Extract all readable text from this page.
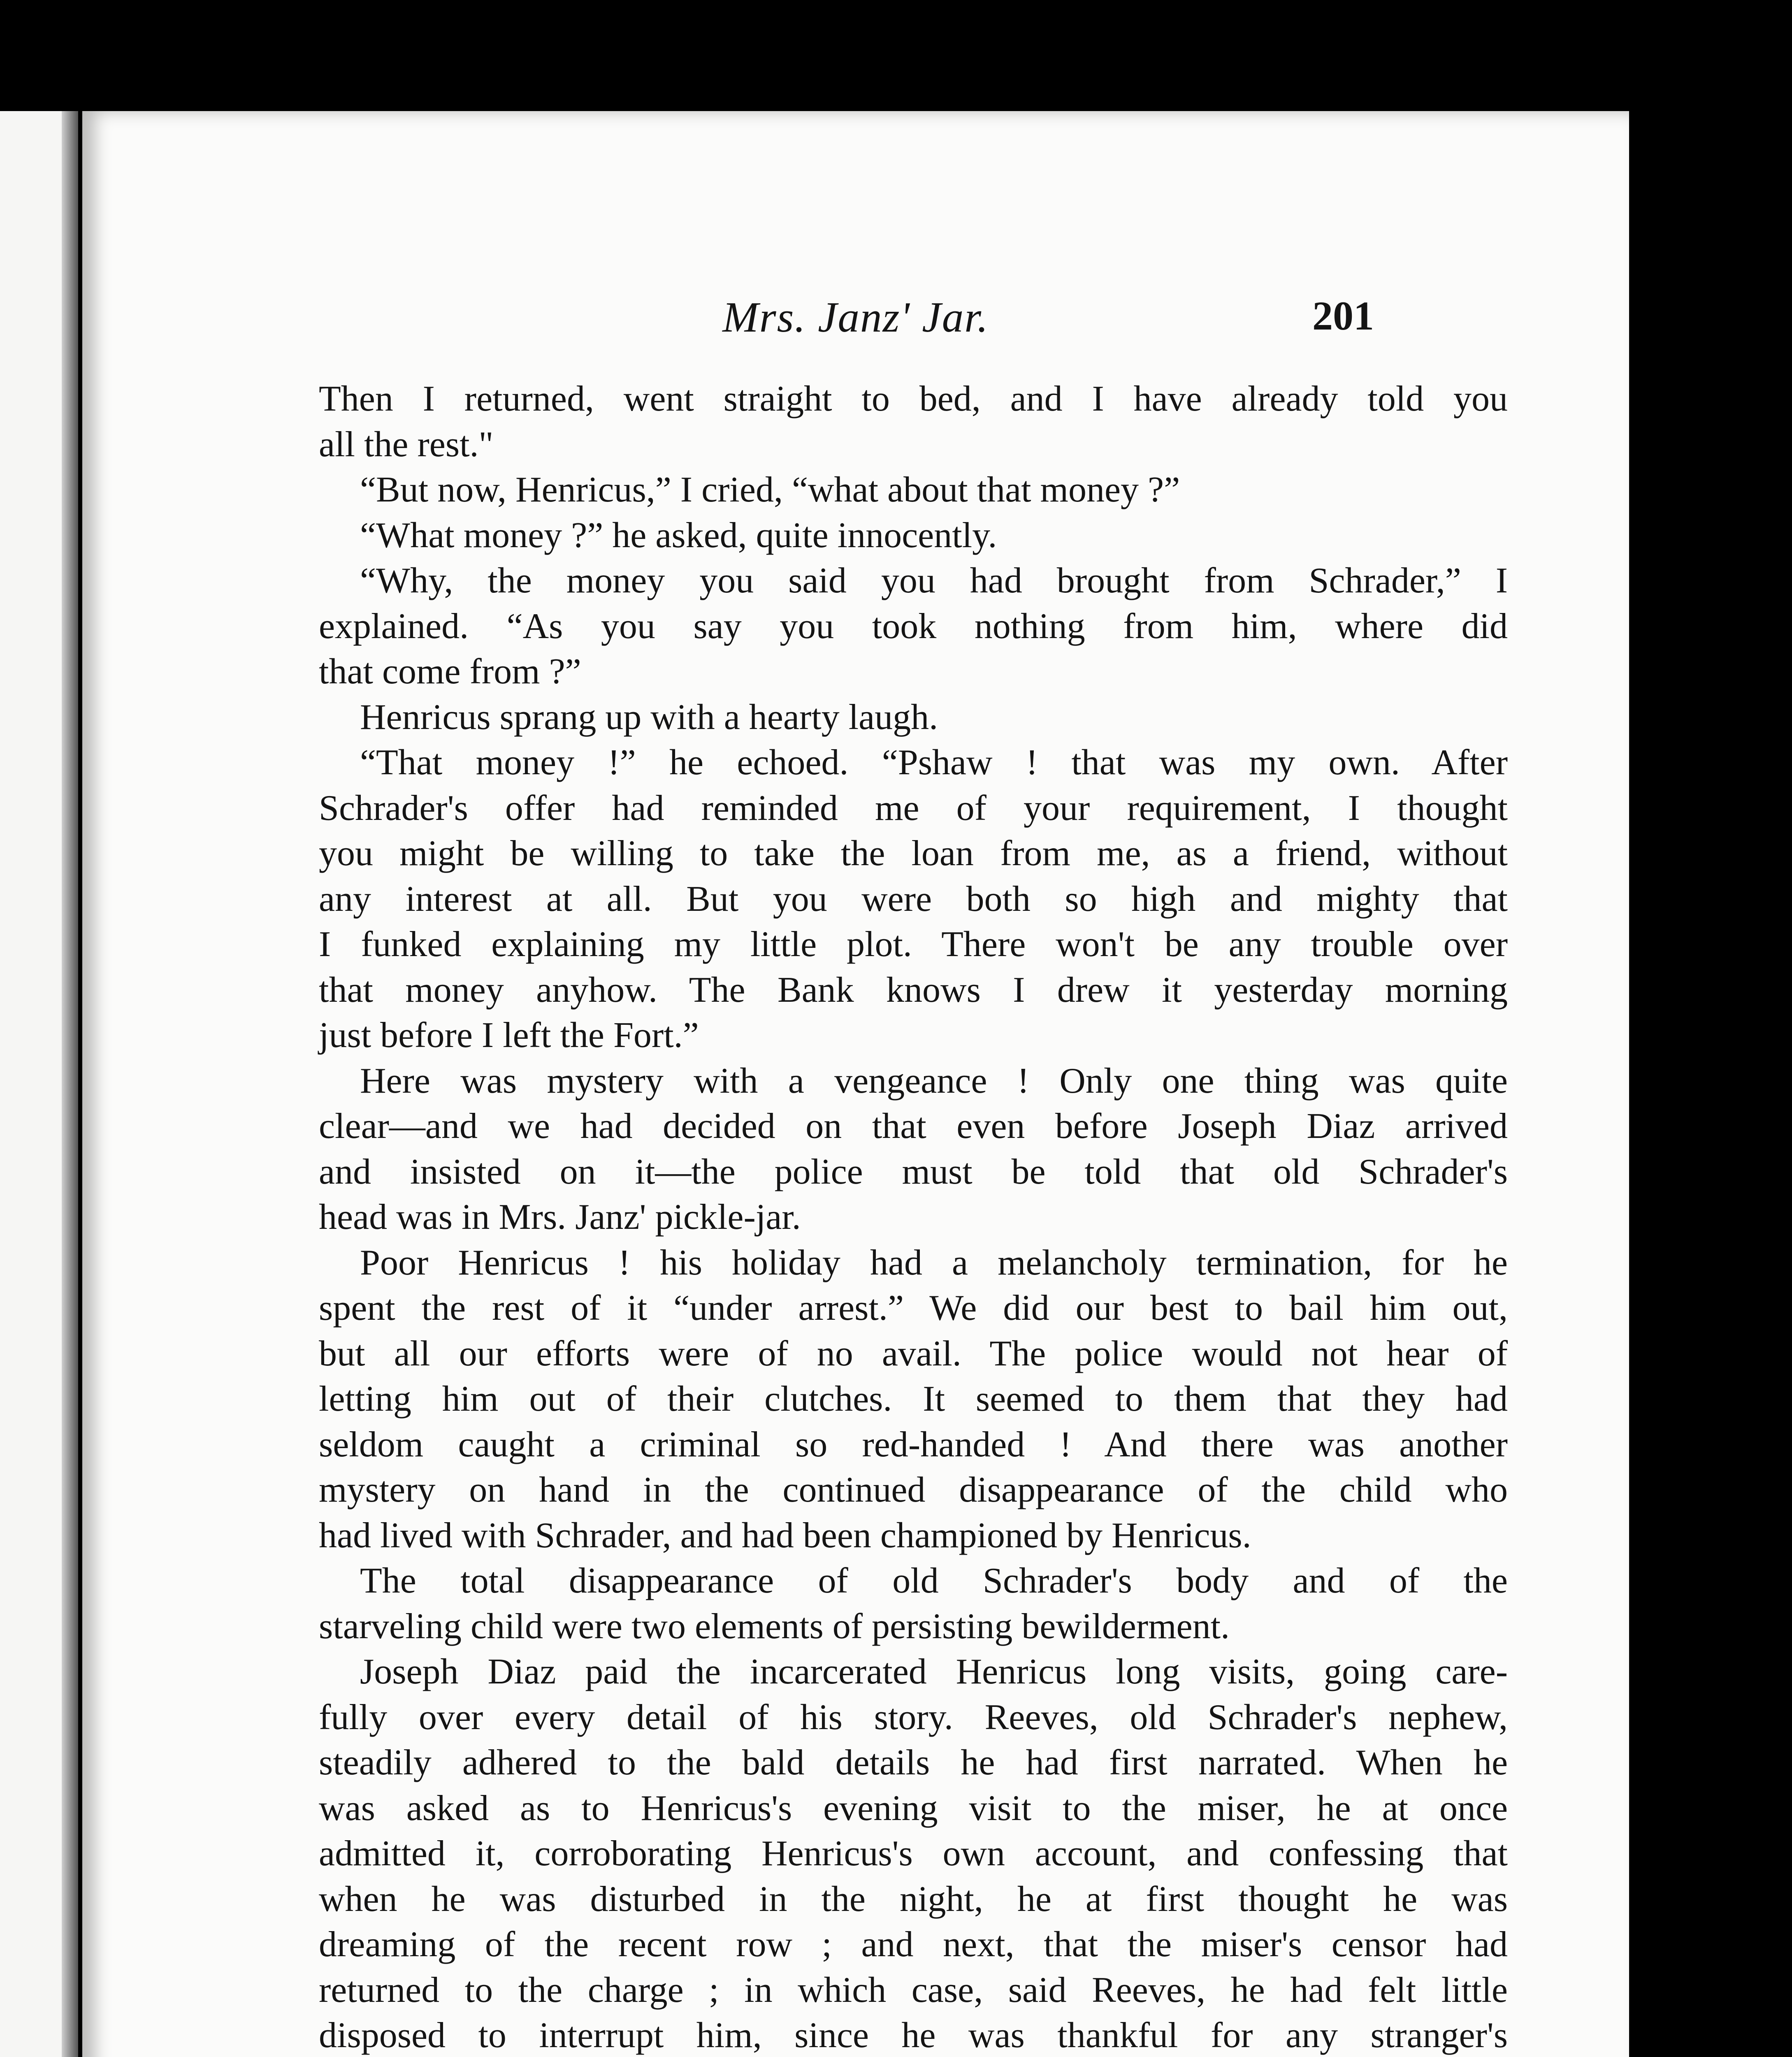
Mrs. Janz' Jar.	201
Then I returned, went straight to bed, and I have already told you
all the rest."
“But now, Henricus,” I cried, “what about that money ?”
“What money ?” he asked, quite innocently.
“Why, the money you said you had brought from Schrader,” I
explained. “As you say you took nothing from him, where did
that come from ?”
Henricus sprang up with a hearty laugh.
“That money !” he echoed. “Pshaw ! that was my own. After
Schrader's offer had reminded me of your requirement, I thought
you might be willing to take the loan from me, as a friend, without
any interest at all. But you were both so high and mighty that
I funked explaining my little plot. There won't be any trouble over
that money anyhow. The Bank knows I drew it yesterday morning
just before I left the Fort.”
Here was mystery with a vengeance ! Only one thing was quite
clear—and we had decided on that even before Joseph Diaz arrived
and insisted on it—the police must be told that old Schrader's
head was in Mrs. Janz' pickle-jar.
Poor Henricus ! his holiday had a melancholy termination, for he
spent the rest of it “under arrest.” We did our best to bail him out,
but all our efforts were of no avail. The police would not hear of
letting him out of their clutches. It seemed to them that they had
seldom caught a criminal so red-handed ! And there was another
mystery on hand in the continued disappearance of the child who
had lived with Schrader, and had been championed by Henricus.
The total disappearance of old Schrader's body and of the
starveling child were two elements of persisting bewilderment.
Joseph Diaz paid the incarcerated Henricus long visits, going care-
fully over every detail of his story. Reeves, old Schrader's nephew,
steadily adhered to the bald details he had first narrated. When he
was asked as to Henricus's evening visit to the miser, he at once
admitted it, corroborating Henricus's own account, and confessing that
when he was disturbed in the night, he at first thought he was
dreaming of the recent row ; and next, that the miser's censor had
returned to the charge ; in which case, said Reeves, he had felt little
disposed to interrupt him, since he was thankful for any stranger's
